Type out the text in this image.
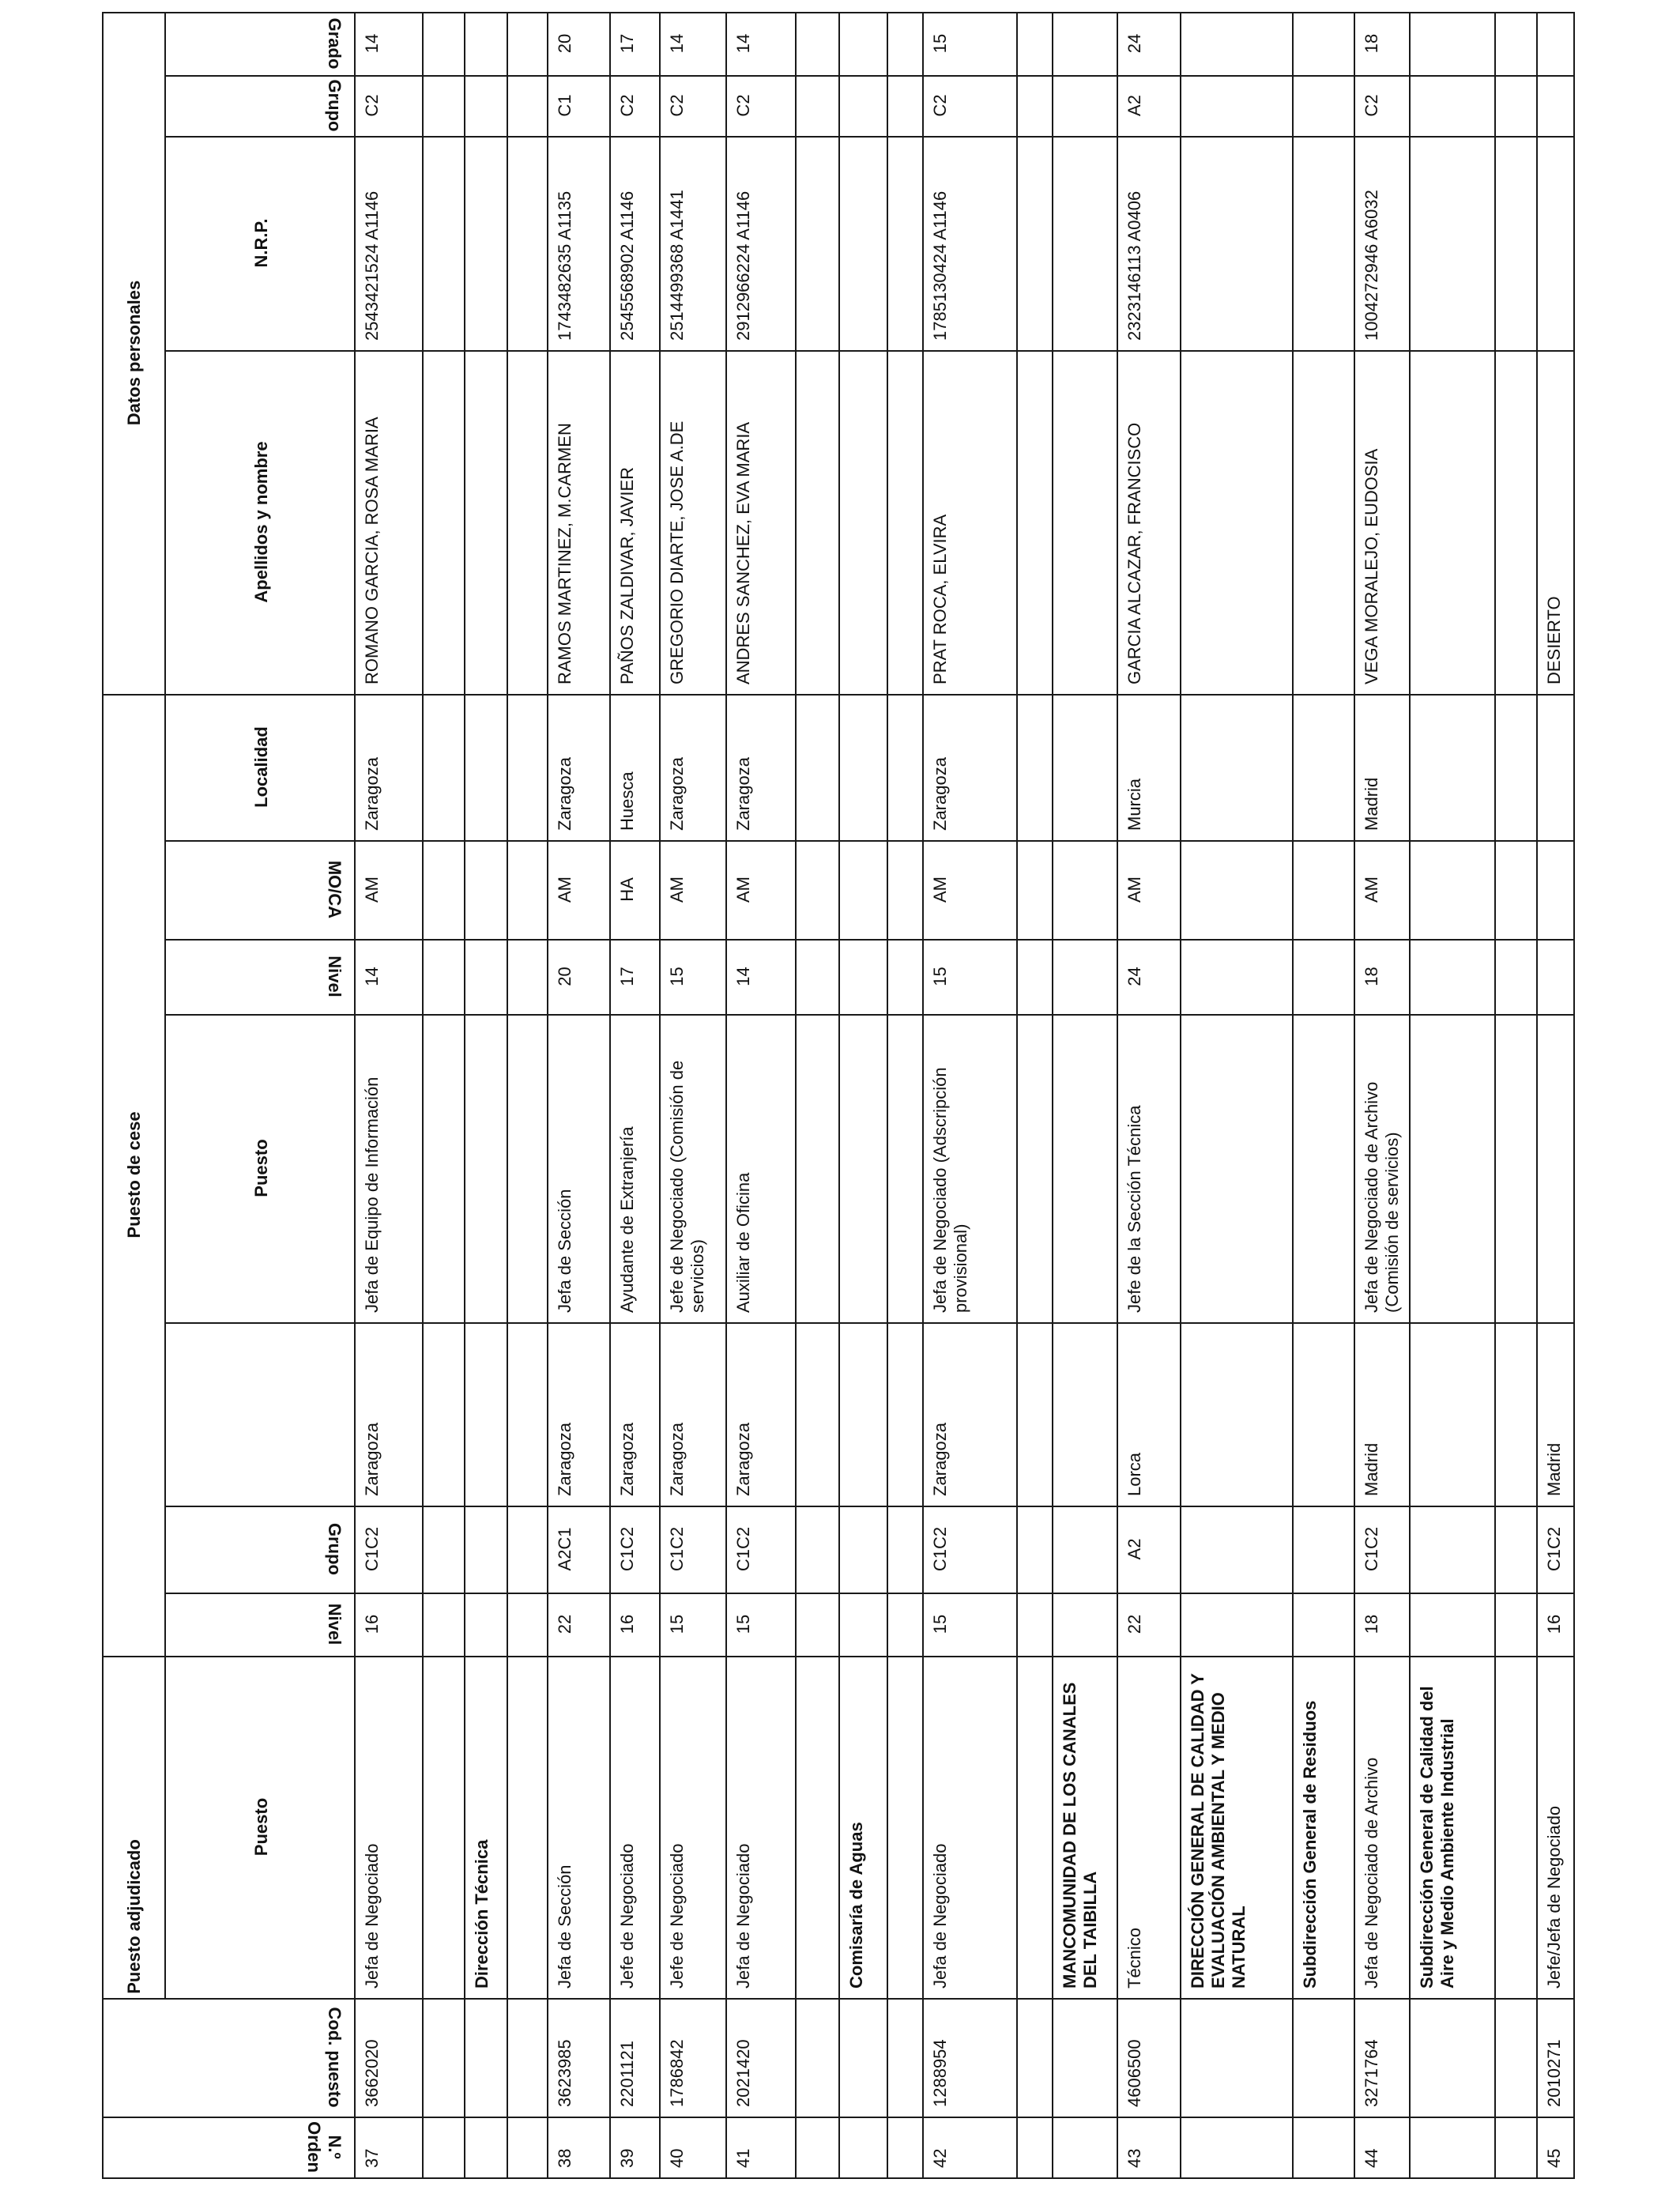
Datos personales
Puesto de cese
Puesto adjudicado
Grado
Grupo
N.R.P.
Apellidos y nombre
Localidad
MO/CA
Nivel
Puesto
Grupo
Nivel
Puesto
Cod. puesto
N.º Orden
14
C2
2543421524 A1146
ROMANO GARCIA, ROSA MARIA
Zaragoza
AM
14
Jefa de Equipo de Información
Zaragoza
C1C2
16
Jefa de Negociado
3662020
37
Dirección Técnica
20
C1
1743482635 A1135
RAMOS MARTINEZ, M.CARMEN
Zaragoza
AM
20
Jefa de Sección
Zaragoza
A2C1
22
Jefa de Sección
3623985
38
17
C2
2545568902 A1146
PAÑOS ZALDIVAR, JAVIER
Huesca
HA
17
Ayudante de Extranjería
Zaragoza
C1C2
16
Jefe de Negociado
2201121
39
14
C2
2514499368 A1441
GREGORIO DIARTE, JOSE A.DE
Zaragoza
AM
15
Jefe de Negociado (Comisión de servicios)
Zaragoza
C1C2
15
Jefe de Negociado
1786842
40
14
C2
2912966224 A1146
ANDRES SANCHEZ, EVA MARIA
Zaragoza
AM
14
Auxiliar de Oficina
Zaragoza
C1C2
15
Jefa de Negociado
2021420
41
Comisaría de Aguas
15
C2
1785130424 A1146
PRAT ROCA, ELVIRA
Zaragoza
AM
15
Jefa de Negociado (Adscripción provisional)
Zaragoza
C1C2
15
Jefa de Negociado
1288954
42
MANCOMUNIDAD DE LOS CANALES DEL TAIBILLA
24
A2
2323146113 A0406
GARCIA ALCAZAR, FRANCISCO
Murcia
AM
24
Jefe de la Sección Técnica
Lorca
A2
22
Técnico
4606500
43
DIRECCIÓN GENERAL DE CALIDAD Y EVALUACIÓN AMBIENTAL Y MEDIO NATURAL	Subdirección General de Residuos
18
C2
1004272946 A6032
VEGA MORALEJO, EUDOSIA
Madrid
AM
18
Jefa de Negociado de Archivo (Comisión de servicios)
Madrid
C1C2
18
Jefa de Negociado de Archivo
3271764
44
Subdirección General de Calidad del Aire y Medio Ambiente Industrial
DESIERTO
Madrid
C1C2
16
Jefe/Jefa de Negociado
2010271
45
